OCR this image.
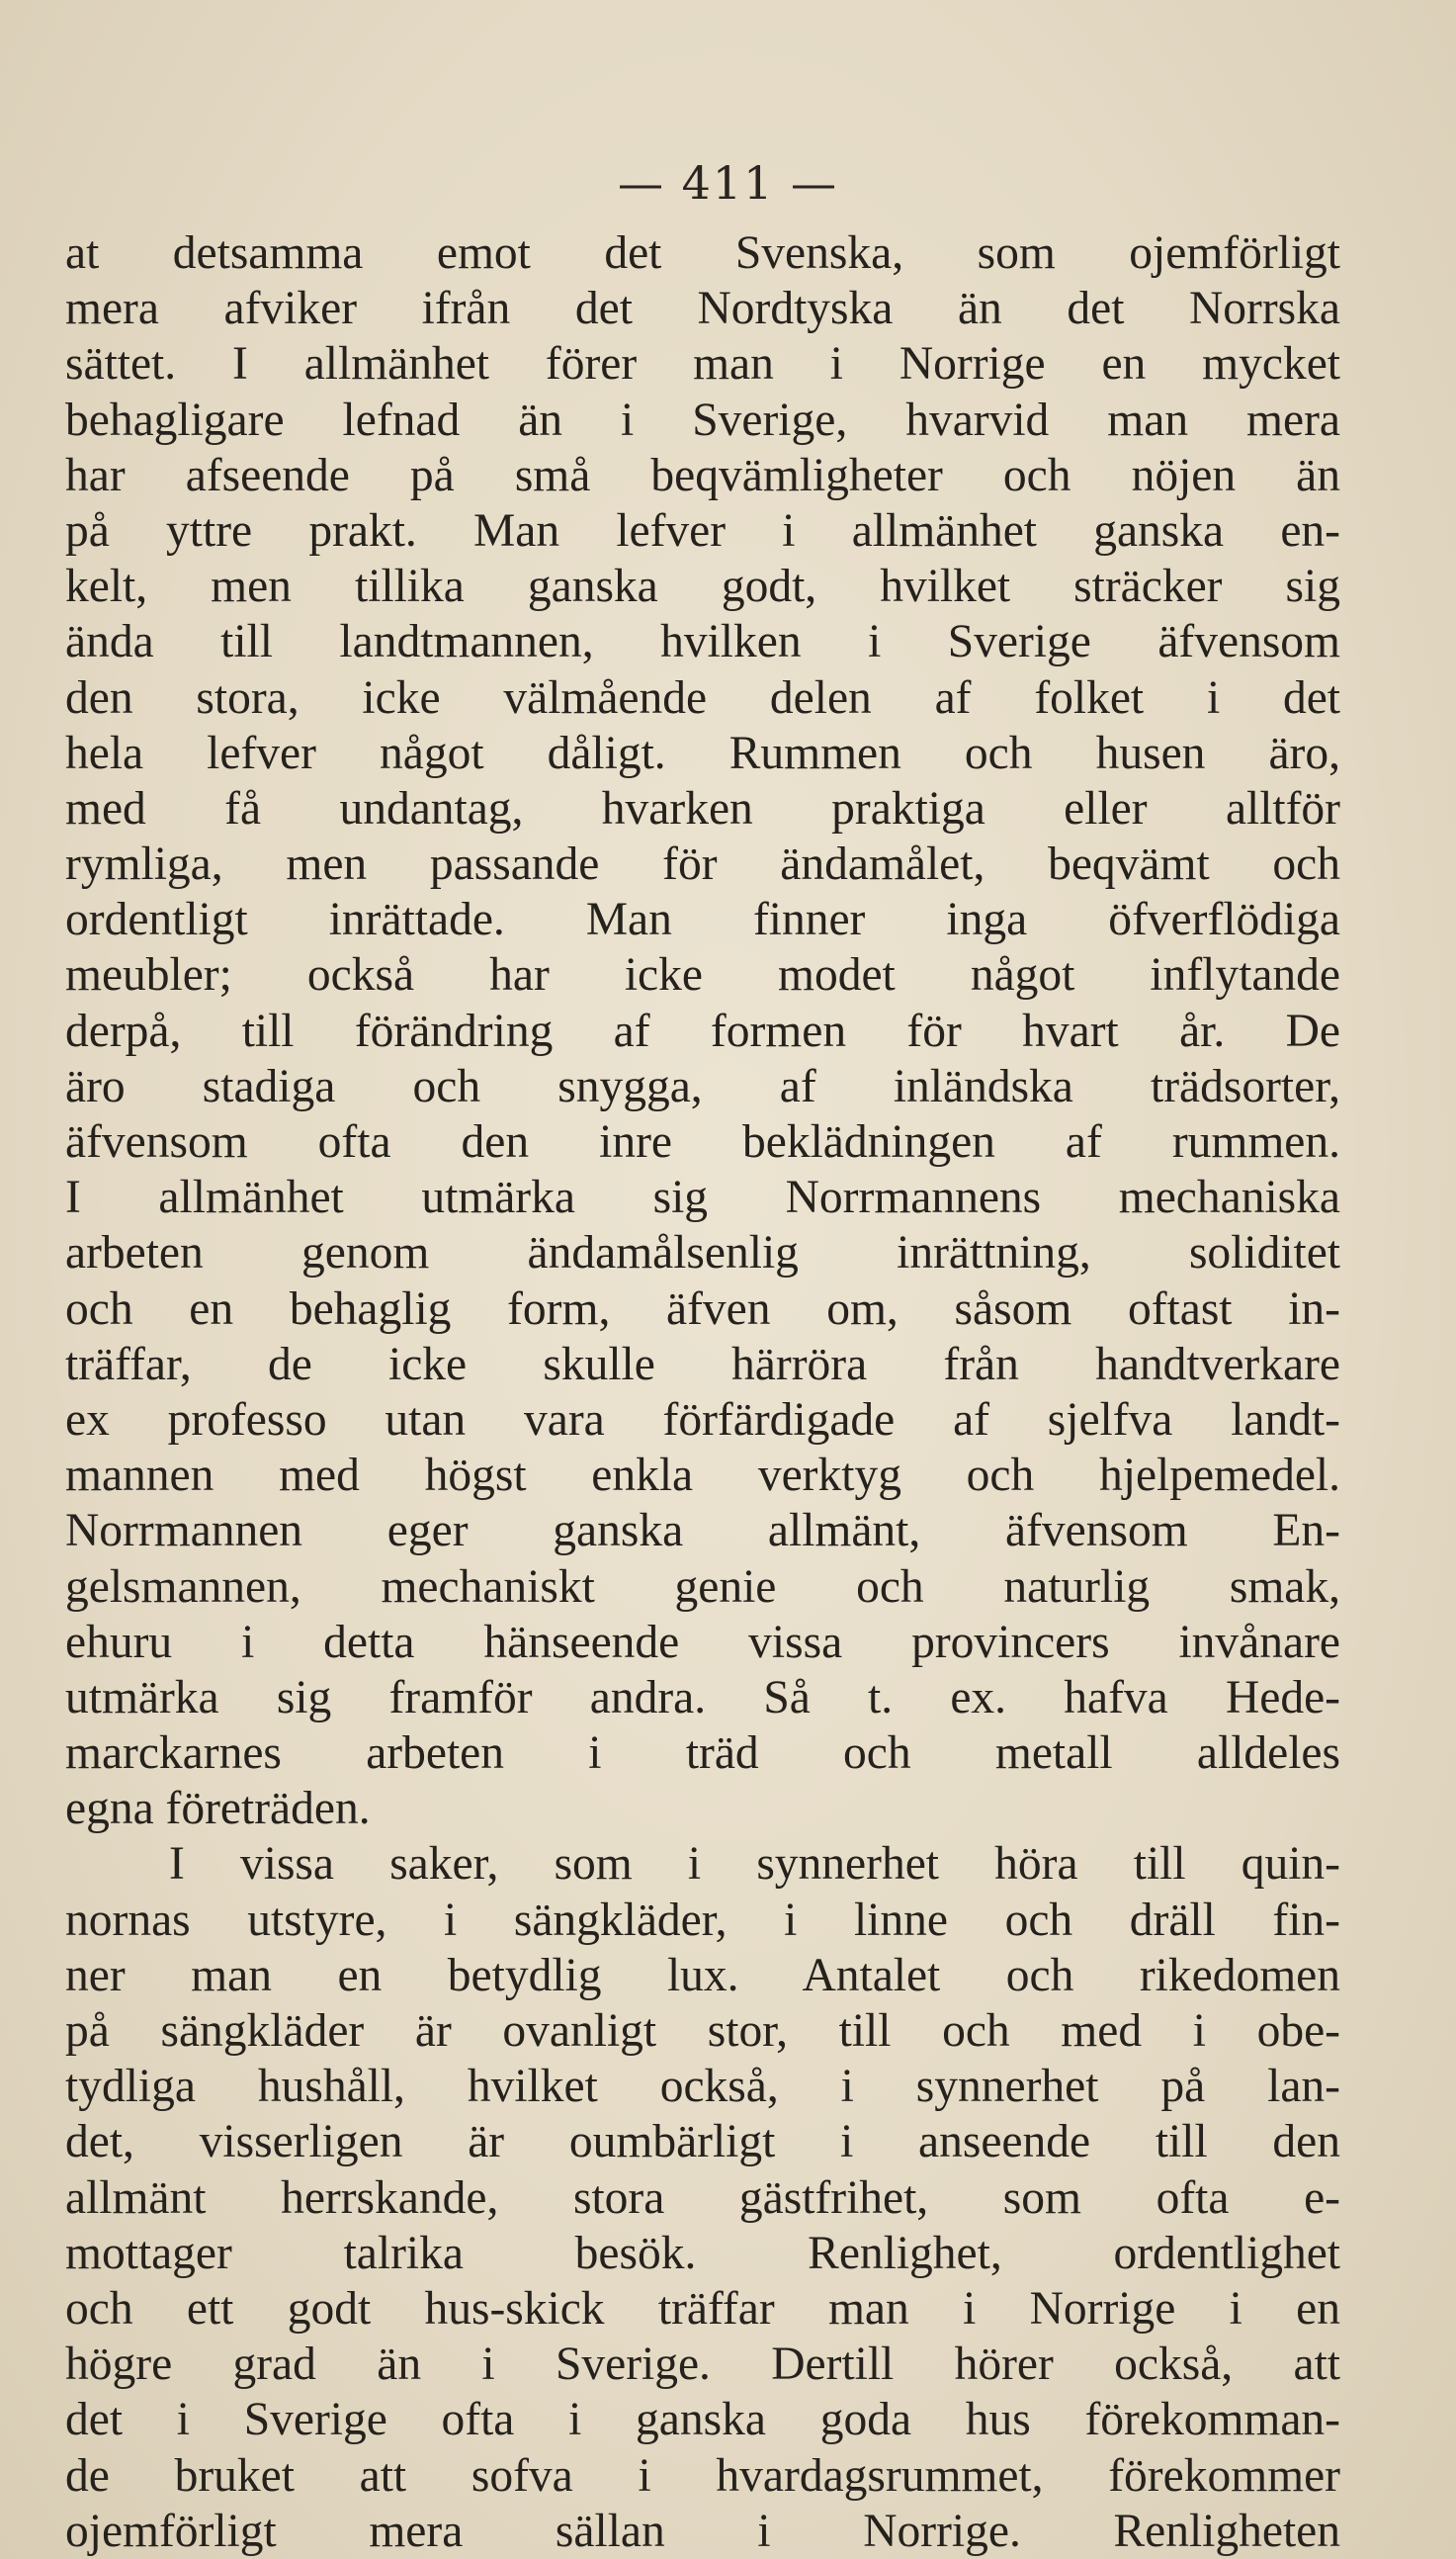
— 411 —
at detsamma emot det Svenska, som ojemförligt
mera afviker ifrån det Nordtyska än det Norrska
sättet. I allmänhet förer man i Norrige en mycket
behagligare lefnad än i Sverige, hvarvid man mera
har afseende på små beqvämligheter och nöjen än
på yttre prakt. Man lefver i allmänhet ganska en-
kelt, men tillika ganska godt, hvilket sträcker sig
ända till landtmannen, hvilken i Sverige äfvensom
den stora, icke välmående delen af folket i det
hela lefver något dåligt. Rummen och husen äro,
med få undantag, hvarken praktiga eller alltför
rymliga, men passande för ändamålet, beqvämt och
ordentligt inrättade. Man finner inga öfverflödiga
meubler; också har icke modet något inflytande
derpå, till förändring af formen för hvart år. De
äro stadiga och snygga, af inländska trädsorter,
äfvensom ofta den inre beklädningen af rummen.
I allmänhet utmärka sig Norrmannens mechaniska
arbeten genom ändamålsenlig inrättning, soliditet
och en behaglig form, äfven om, såsom oftast in-
träffar, de icke skulle härröra från handtverkare
ex professo utan vara förfärdigade af sjelfva landt-
mannen med högst enkla verktyg och hjelpemedel.
Norrmannen eger ganska allmänt, äfvensom En-
gelsmannen, mechaniskt genie och naturlig smak,
ehuru i detta hänseende vissa provincers invånare
utmärka sig framför andra. Så t. ex. hafva Hede-
marckarnes arbeten i träd och metall alldeles
egna företräden.
I vissa saker, som i synnerhet höra till quin-
nornas utstyre, i sängkläder, i linne och dräll fin-
ner man en betydlig lux. Antalet och rikedomen
på sängkläder är ovanligt stor, till och med i obe-
tydliga hushåll, hvilket också, i synnerhet på lan-
det, visserligen är oumbärligt i anseende till den
allmänt herrskande, stora gästfrihet, som ofta e-
mottager talrika besök. Renlighet, ordentlighet
och ett godt hus-skick träffar man i Norrige i en
högre grad än i Sverige. Dertill hörer också, att
det i Sverige ofta i ganska goda hus förekomman-
de bruket att sofva i hvardagsrummet, förekommer
ojemförligt mera sällan i Norrige. Renligheten
